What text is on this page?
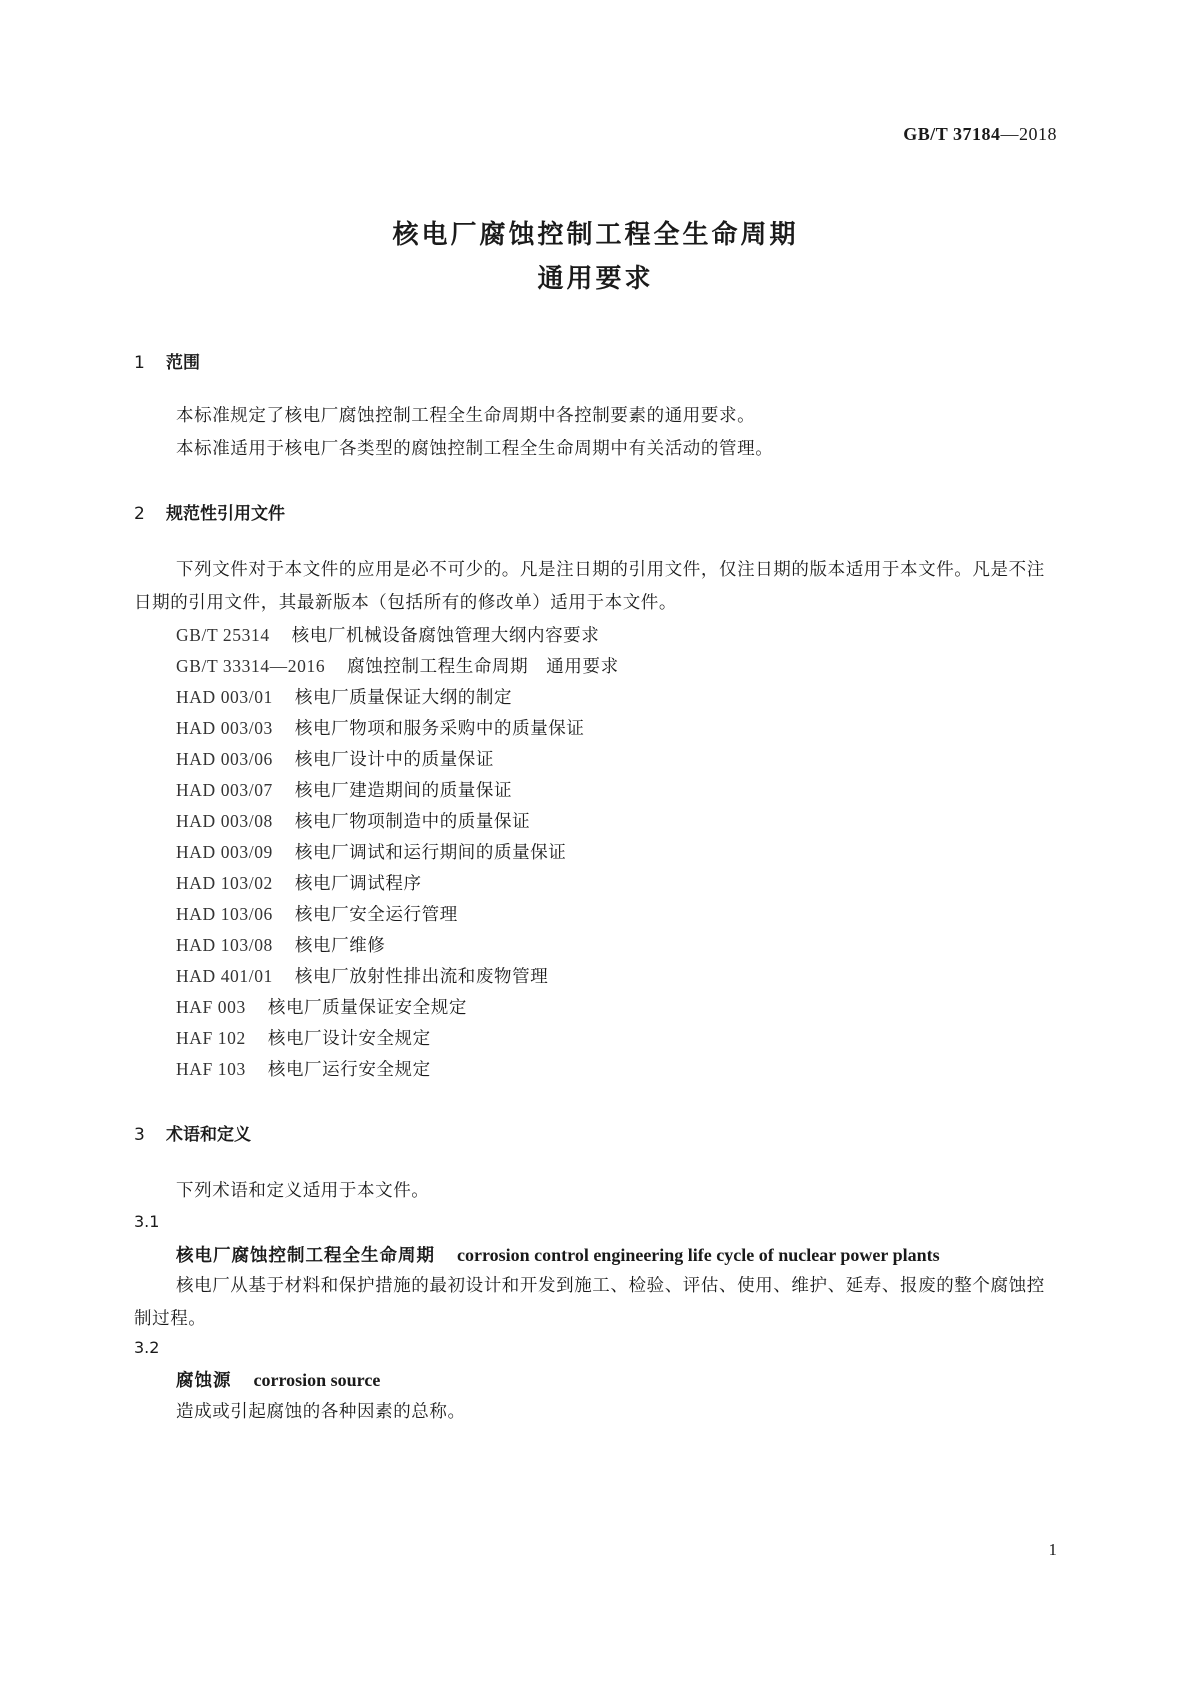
GB/T 37184—2018
核电厂腐蚀控制工程全生命周期
通用要求
1 范围
本标准规定了核电厂腐蚀控制工程全生命周期中各控制要素的通用要求。
本标准适用于核电厂各类型的腐蚀控制工程全生命周期中有关活动的管理。
2 规范性引用文件
下列文件对于本文件的应用是必不可少的。凡是注日期的引用文件，仅注日期的版本适用于本文件。凡是不注日期的引用文件，其最新版本（包括所有的修改单）适用于本文件。
GB/T 25314 核电厂机械设备腐蚀管理大纲内容要求
GB/T 33314—2016 腐蚀控制工程生命周期　通用要求
HAD 003/01 核电厂质量保证大纲的制定
HAD 003/03 核电厂物项和服务采购中的质量保证
HAD 003/06 核电厂设计中的质量保证
HAD 003/07 核电厂建造期间的质量保证
HAD 003/08 核电厂物项制造中的质量保证
HAD 003/09 核电厂调试和运行期间的质量保证
HAD 103/02 核电厂调试程序
HAD 103/06 核电厂安全运行管理
HAD 103/08 核电厂维修
HAD 401/01 核电厂放射性排出流和废物管理
HAF 003 核电厂质量保证安全规定
HAF 102 核电厂设计安全规定
HAF 103 核电厂运行安全规定
3 术语和定义
下列术语和定义适用于本文件。
3.1
核电厂腐蚀控制工程全生命周期 corrosion control engineering life cycle of nuclear power plants
核电厂从基于材料和保护措施的最初设计和开发到施工、检验、评估、使用、维护、延寿、报废的整个腐蚀控制过程。
3.2
腐蚀源 corrosion source
造成或引起腐蚀的各种因素的总称。
1
